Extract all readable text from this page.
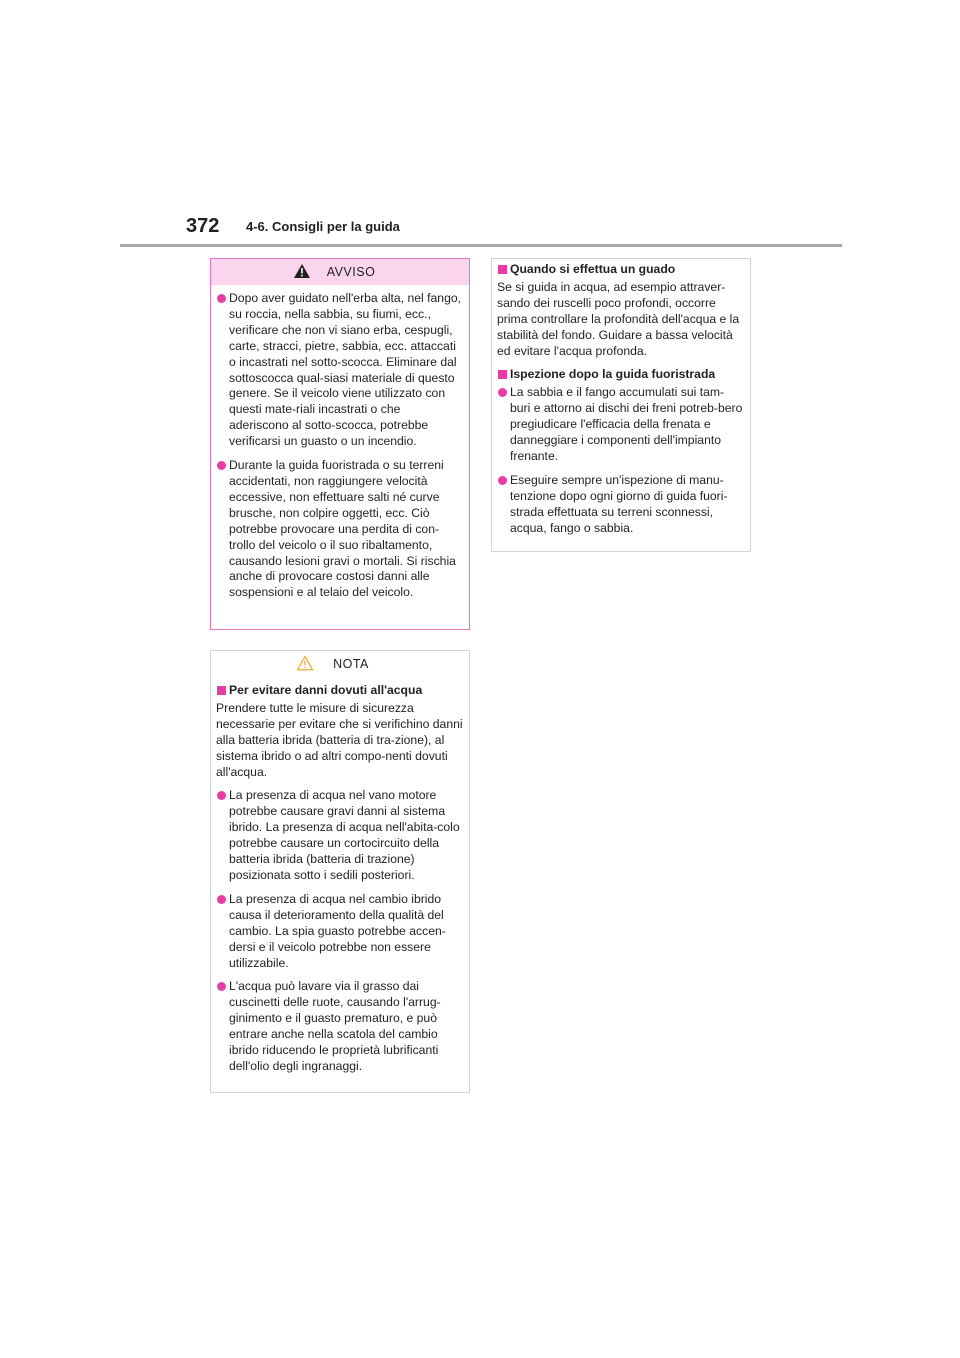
372 4-6. Consigli per la guida
AVVISO
Dopo aver guidato nell'erba alta, nel fango, su roccia, nella sabbia, su fiumi, ecc., verificare che non vi siano erba, cespugli, carte, stracci, pietre, sabbia, ecc. attaccati o incastrati nel sotto-scocca. Eliminare dal sottoscocca qual-siasi materiale di questo genere. Se il veicolo viene utilizzato con questi mate-riali incastrati o che aderiscono al sotto-scocca, potrebbe verificarsi un guasto o un incendio.
Durante la guida fuoristrada o su terreni accidentati, non raggiungere velocità eccessive, non effettuare salti né curve brusche, non colpire oggetti, ecc. Ciò potrebbe provocare una perdita di con-trollo del veicolo o il suo ribaltamento, causando lesioni gravi o mortali. Si rischia anche di provocare costosi danni alle sospensioni e al telaio del veicolo.
NOTA
Per evitare danni dovuti all'acqua
Prendere tutte le misure di sicurezza necessarie per evitare che si verifichino danni alla batteria ibrida (batteria di tra-zione), al sistema ibrido o ad altri compo-nenti dovuti all'acqua.
La presenza di acqua nel vano motore potrebbe causare gravi danni al sistema ibrido. La presenza di acqua nell'abita-colo potrebbe causare un cortocircuito della batteria ibrida (batteria di trazione) posizionata sotto i sedili posteriori.
La presenza di acqua nel cambio ibrido causa il deterioramento della qualità del cambio. La spia guasto potrebbe accen-dersi e il veicolo potrebbe non essere utilizzabile.
L'acqua può lavare via il grasso dai cuscinetti delle ruote, causando l'arrug-ginimento e il guasto prematuro, e può entrare anche nella scatola del cambio ibrido riducendo le proprietà lubrificanti dell'olio degli ingranaggi.
Quando si effettua un guado
Se si guida in acqua, ad esempio attraver-sando dei ruscelli poco profondi, occorre prima controllare la profondità dell'acqua e la stabilità del fondo. Guidare a bassa velocità ed evitare l'acqua profonda.
Ispezione dopo la guida fuoristrada
La sabbia e il fango accumulati sui tam-buri e attorno ai dischi dei freni potreb-bero pregiudicare l'efficacia della frenata e danneggiare i componenti dell'impianto frenante.
Eseguire sempre un'ispezione di manu-tenzione dopo ogni giorno di guida fuori-strada effettuata su terreni sconnessi, acqua, fango o sabbia.
